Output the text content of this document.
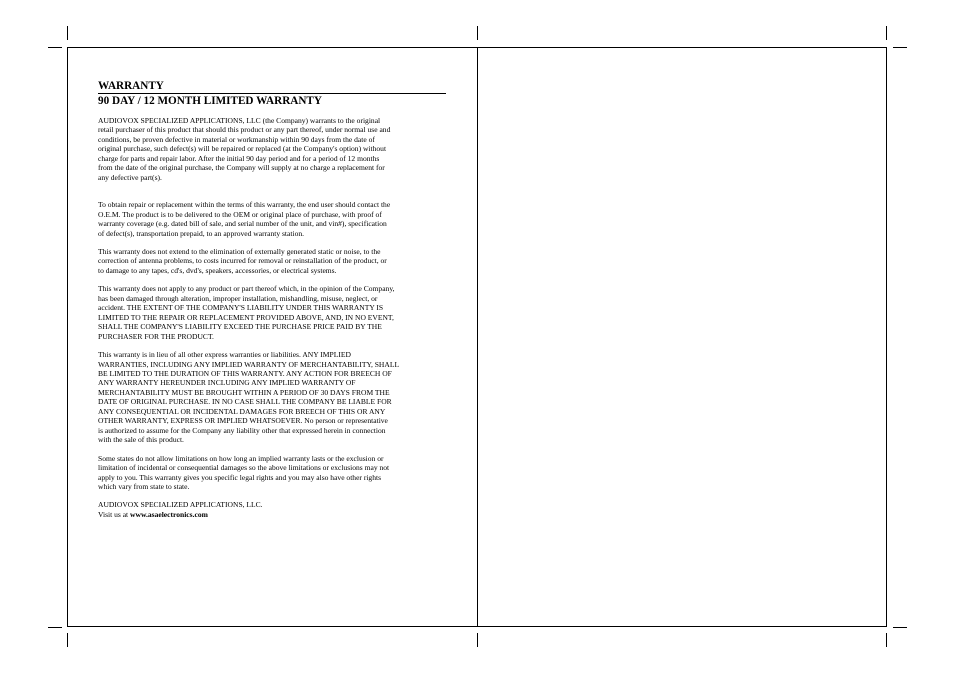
WARRANTY
90 DAY / 12 MONTH LIMITED WARRANTY
AUDIOVOX SPECIALIZED APPLICATIONS, LLC (the Company) warrants to the original
retail purchaser of this product that should this product or any part thereof, under normal use and
conditions, be proven defective in material or workmanship within 90 days from the date of
original purchase, such defect(s) will be repaired or replaced (at the Company's option) without
charge for parts and repair labor. After the initial 90 day period and for a period of 12 months
from the date of the original purchase, the Company will supply at no charge a replacement for
any defective part(s).
To obtain repair or replacement within the terms of this warranty, the end user should contact the
O.E.M. The product is to be delivered to the OEM or original place of purchase, with proof of
warranty coverage (e.g. dated bill of sale, and serial number of the unit, and vin#), specification
of defect(s), transportation prepaid, to an approved warranty station.
This warranty does not extend to the elimination of externally generated static or noise, to the
correction of antenna problems, to costs incurred for removal or reinstallation of the product, or
to damage to any tapes, cd's, dvd's, speakers, accessories, or electrical systems.
This warranty does not apply to any product or part thereof which, in the opinion of the Company,
has been damaged through alteration, improper installation, mishandling, misuse, neglect, or
accident. THE EXTENT OF THE COMPANY'S LIABILITY UNDER THIS WARRANTY IS
LIMITED TO THE REPAIR OR REPLACEMENT PROVIDED ABOVE, AND, IN NO EVENT,
SHALL THE COMPANY'S LIABILITY EXCEED THE PURCHASE PRICE PAID BY THE
PURCHASER FOR THE PRODUCT.
This warranty is in lieu of all other express warranties or liabilities. ANY IMPLIED
WARRANTIES, INCLUDING ANY IMPLIED WARRANTY OF MERCHANTABILITY, SHALL
BE LIMITED TO THE DURATION OF THIS WARRANTY. ANY ACTION FOR BREECH OF
ANY WARRANTY HEREUNDER INCLUDING ANY IMPLIED WARRANTY OF
MERCHANTABILITY MUST BE BROUGHT WITHIN A PERIOD OF 30 DAYS FROM THE
DATE OF ORIGINAL PURCHASE. IN NO CASE SHALL THE COMPANY BE LIABLE FOR
ANY CONSEQUENTIAL OR INCIDENTAL DAMAGES FOR BREECH OF THIS OR ANY
OTHER WARRANTY, EXPRESS OR IMPLIED WHATSOEVER. No person or representative
is authorized to assume for the Company any liability other that expressed herein in connection
with the sale of this product.
Some states do not allow limitations on how long an implied warranty lasts or the exclusion or
limitation of incidental or consequential damages so the above limitations or exclusions may not
apply to you. This warranty gives you specific legal rights and you may also have other rights
which vary from state to state.
AUDIOVOX SPECIALIZED APPLICATIONS, LLC.
Visit us at www.asaelectronics.com
